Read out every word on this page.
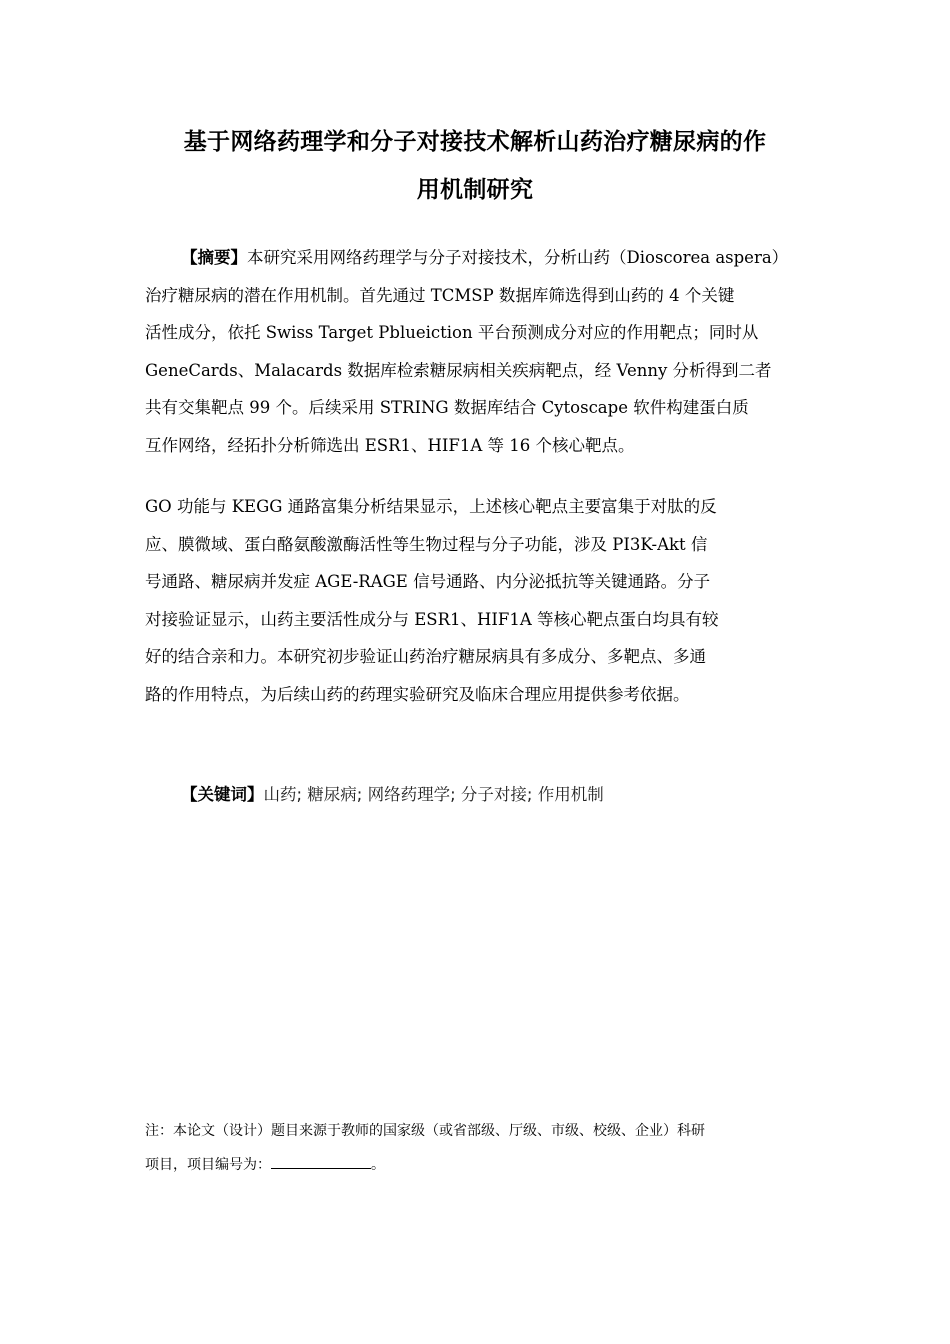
基于网络药理学和分子对接技术解析山药治疗糖尿病的作
用机制研究
【摘要】本研究采用网络药理学与分子对接技术，分析山药（Dioscorea aspera）
治疗糖尿病的潜在作用机制。首先通过 TCMSP 数据库筛选得到山药的 4 个关键
活性成分，依托 Swiss Target Pblueiction 平台预测成分对应的作用靶点；同时从
GeneCards、Malacards 数据库检索糖尿病相关疾病靶点，经 Venny 分析得到二者
共有交集靶点 99 个。后续采用 STRING 数据库结合 Cytoscape 软件构建蛋白质
互作网络，经拓扑分析筛选出 ESR1、HIF1A 等 16 个核心靶点。
GO 功能与 KEGG 通路富集分析结果显示，上述核心靶点主要富集于对肽的反
应、膜微域、蛋白酪氨酸激酶活性等生物过程与分子功能，涉及 PI3K-Akt 信
号通路、糖尿病并发症 AGE-RAGE 信号通路、内分泌抵抗等关键通路。分子
对接验证显示，山药主要活性成分与 ESR1、HIF1A 等核心靶点蛋白均具有较
好的结合亲和力。本研究初步验证山药治疗糖尿病具有多成分、多靶点、多通
路的作用特点，为后续山药的药理实验研究及临床合理应用提供参考依据。
【关键词】山药; 糖尿病; 网络药理学; 分子对接; 作用机制
注：本论文（设计）题目来源于教师的国家级（或省部级、厅级、市级、校级、企业）科研
项目，项目编号为：	。
